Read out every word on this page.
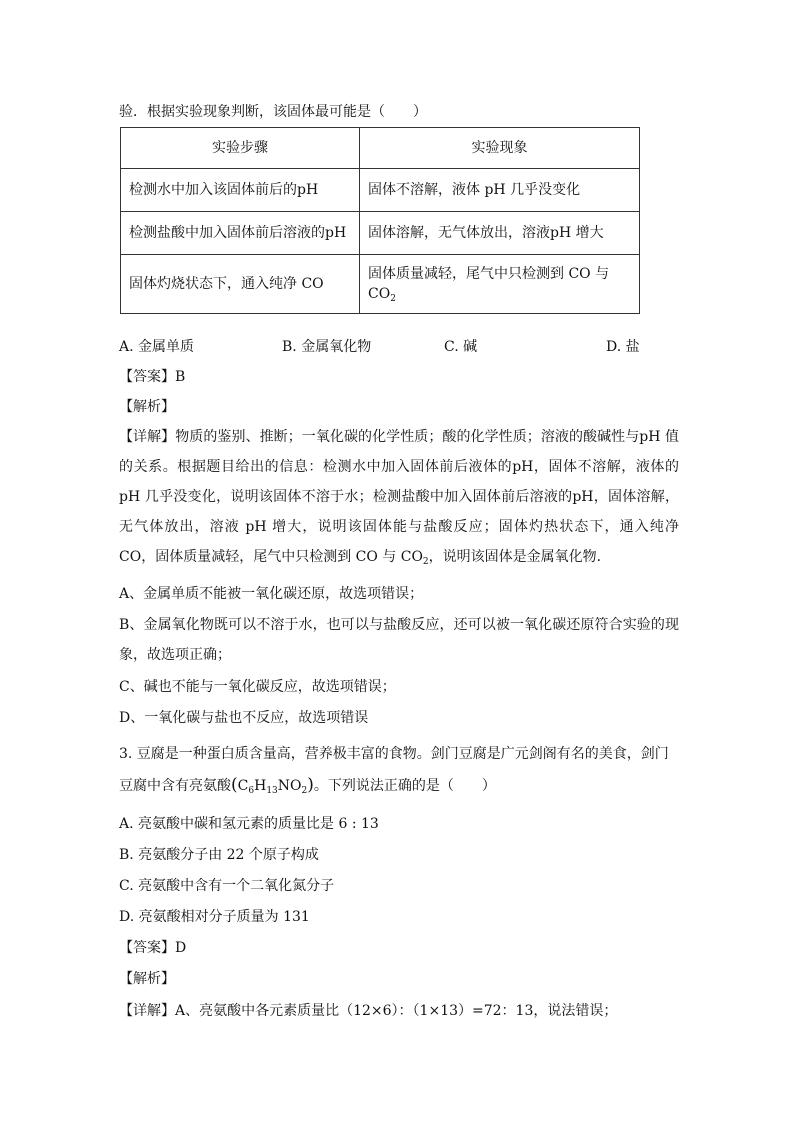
验．根据实验现象判断，该固体最可能是（　　）
实验步骤	实验现象
检测水中加入该固体前后的pH	固体不溶解，液体 pH 几乎没变化
检测盐酸中加入固体前后溶液的pH	固体溶解，无气体放出，溶液pH 增大
固体灼烧状态下，通入纯净 CO	固体质量减轻，尾气中只检测到 CO 与
$CO_2$
A. 金属单质	B. 金属氧化物	C. 碱	D. 盐
【答案】B
【解析】
【详解】物质的鉴别、推断；一氧化碳的化学性质；酸的化学性质；溶液的酸碱性与pH 值的关系。根据题目给出的信息：检测水中加入固体前后液体的pH，固体不溶解，液体的 pH 几乎没变化，说明该固体不溶于水；检测盐酸中加入固体前后溶液的pH，固体溶解，无气体放出，溶液 pH 增大，说明该固体能与盐酸反应；固体灼热状态下，通入纯净 CO，固体质量减轻，尾气中只检测到 CO 与 $CO_2$，说明该固体是金属氧化物．
A、金属单质不能被一氧化碳还原，故选项错误；
B、金属氧化物既可以不溶于水，也可以与盐酸反应，还可以被一氧化碳还原符合实验的现象，故选项正确；
C、碱也不能与一氧化碳反应，故选项错误；
D、一氧化碳与盐也不反应，故选项错误
3. 豆腐是一种蛋白质含量高，营养极丰富的食物。剑门豆腐是广元剑阁有名的美食，剑门
豆腐中含有亮氨酸$(C_6H_{13}NO_2)$。下列说法正确的是（　　）
A. 亮氨酸中碳和氢元素的质量比是 6 : 13
B. 亮氨酸分子由 22 个原子构成
C. 亮氨酸中含有一个二氧化氮分子
D. 亮氨酸相对分子质量为 131
【答案】D
【解析】
【详解】A、亮氨酸中各元素质量比（12×6）：（1×13）=72：13，说法错误；
